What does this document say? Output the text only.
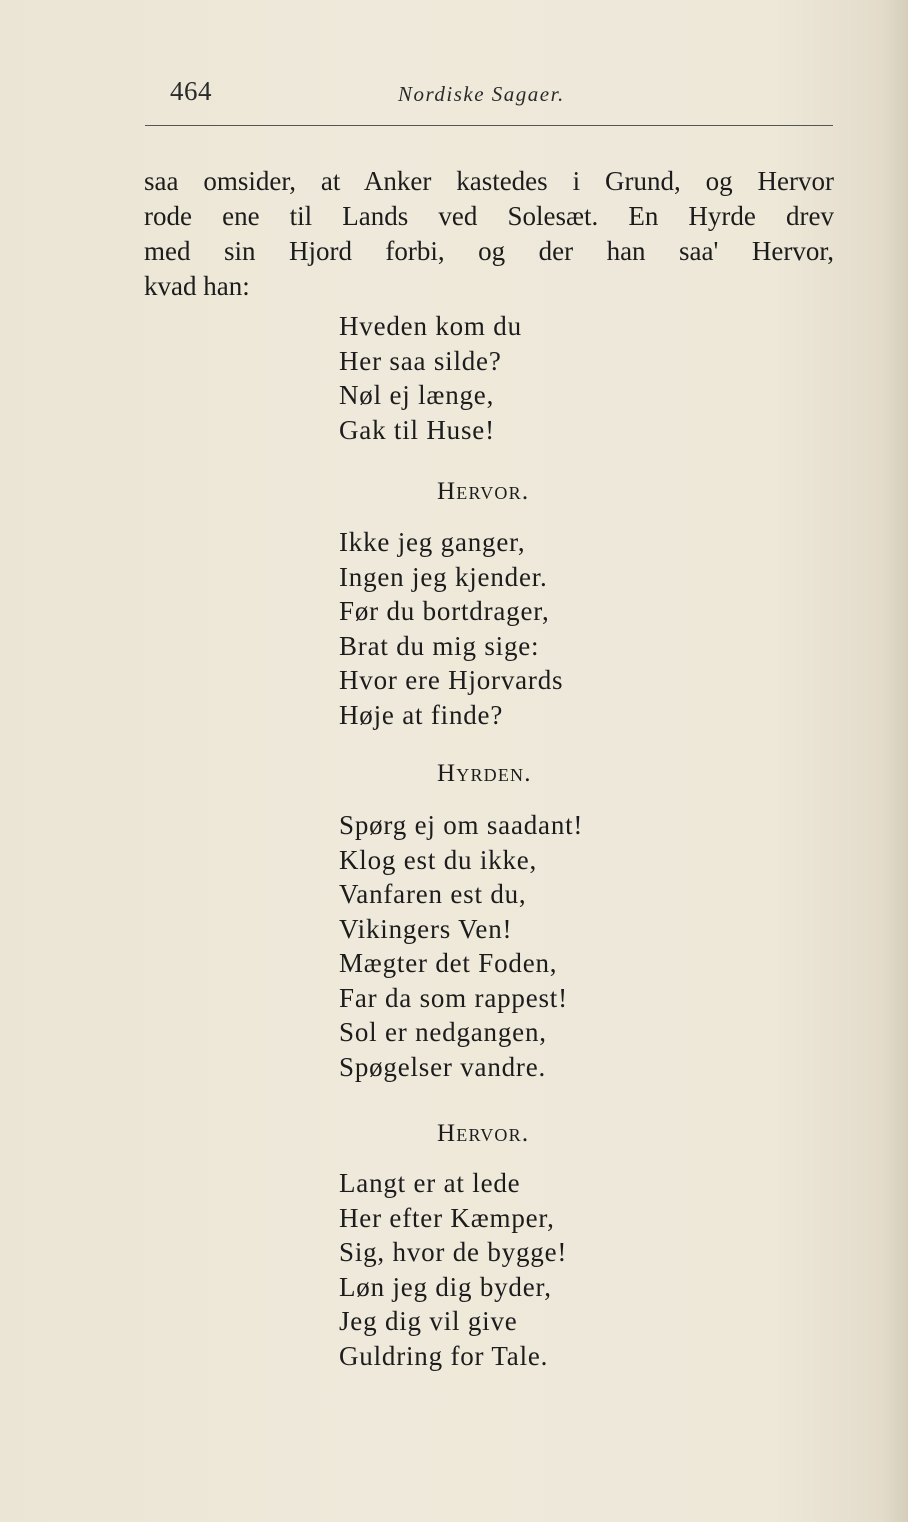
464	Nordiske Sagaer.
saa omsider, at Anker kastedes i Grund, og Hervor
rode ene til Lands ved Solesæt. En Hyrde drev
med sin Hjord forbi, og der han saa' Hervor,
kvad han:
Hveden kom du
Her saa silde?
Nøl ej længe,
Gak til Huse!
Hervor.
Ikke jeg ganger,
Ingen jeg kjender.
Før du bortdrager,
Brat du mig sige:
Hvor ere Hjorvards
Høje at finde?
Hyrden.
Spørg ej om saadant!
Klog est du ikke,
Vanfaren est du,
Vikingers Ven!
Mægter det Foden,
Far da som rappest!
Sol er nedgangen,
Spøgelser vandre.
Hervor.
Langt er at lede
Her efter Kæmper,
Sig, hvor de bygge!
Løn jeg dig byder,
Jeg dig vil give
Guldring for Tale.
